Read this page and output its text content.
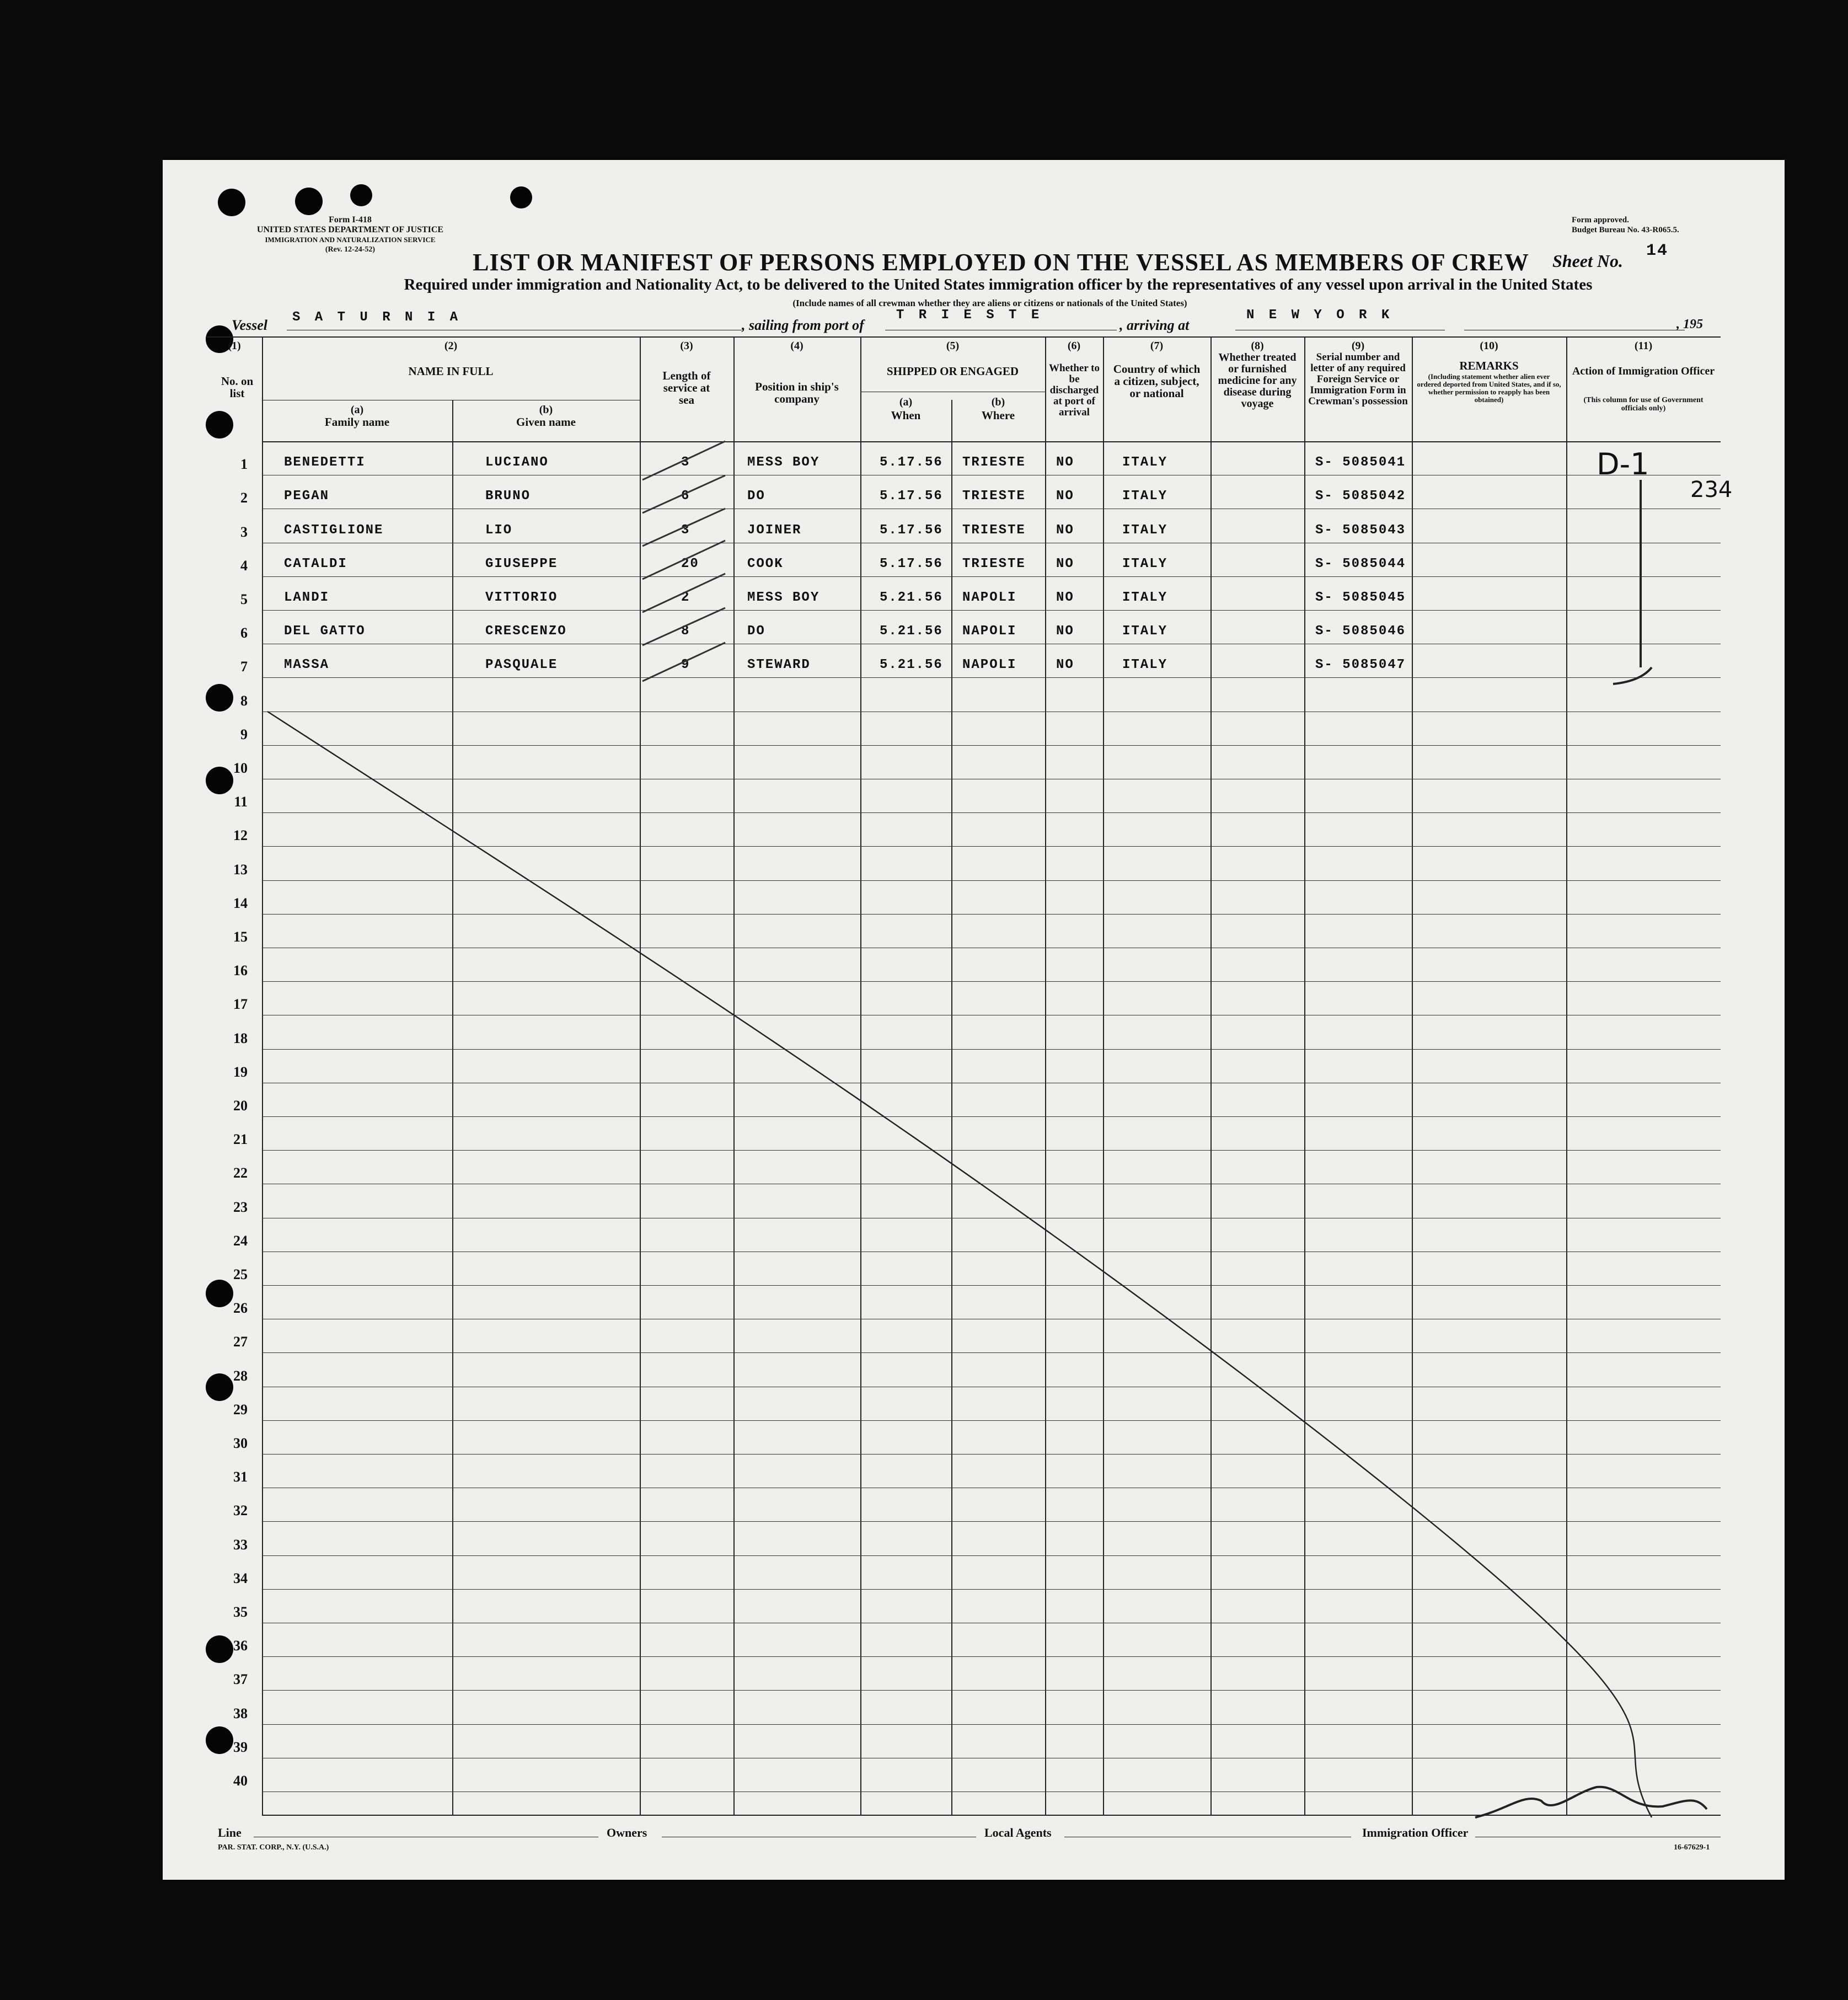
Form I-418
UNITED STATES DEPARTMENT OF JUSTICE
IMMIGRATION AND NATURALIZATION SERVICE
(Rev. 12-24-52)
Form approved.
Budget Bureau No. 43-R065.5.
LIST OR MANIFEST OF PERSONS EMPLOYED ON THE VESSEL AS MEMBERS OF CREW	Sheet No. 14
Required under immigration and Nationality Act, to be delivered to the United States immigration officer by the representatives of any vessel upon arrival in the United States
(Include names of all crewman whether they are aliens or citizens or nationals of the United States)
Vessel S A T U R N I A	, sailing from port of
T R I E S T E
, arriving at
N E W Y O R K
, 195
(1)
No. on list
(2)
NAME IN FULL
(a)
Family name
(b)
Given name
(3)
Length of service at sea
(4)
Position in ship's company
(5)
SHIPPED OR ENGAGED
(a)
When
(b)
Where
(6)
Whether to be discharged at port of arrival
(7)
Country of which a citizen, subject, or national
(8)
Whether treated or furnished medicine for any disease during voyage
(9)
Serial number and letter of any required Foreign Service or Immigration Form in Crewman's possession
(10)
REMARKS
(Including statement whether alien ever ordered deported from United States, and if so, whether permission to reapply has been obtained)
(11)
Action of Immigration Officer
(This column for use of Government officials only)
1	BENEDETTI	LUCIANO	3	MESS BOY	5.17.56 TRIESTE NO	ITALY	S- 5085041
2	PEGAN	BRUNO	6	DO	5.17.56 TRIESTE NO	ITALY	S- 5085042
3	CASTIGLIONE	LIO	3	JOINER	5.17.56 TRIESTE NO	ITALY	S- 5085043
4	CATALDI	GIUSEPPE	20	COOK	5.17.56 TRIESTE NO	ITALY	S- 5085044
5	LANDI	VITTORIO	2	MESS BOY	5.21.56 NAPOLI	NO	ITALY	S- 5085045
6	DEL GATTO	CRESCENZO	8	DO	5.21.56 NAPOLI	NO	ITALY	S- 5085046
7	MASSA	PASQUALE	9	STEWARD	5.21.56 NAPOLI	NO	ITALY	S- 5085047
8
9
10
11
12
13
14
15
16
17
18
19
20
21
22
23
24
25
26
27
28
29
30
31
32
33
34
35
36
37
38
39
40
D-1
234
Line	Owners	Local Agents	Immigration Officer
PAR. STAT. CORP., N.Y. (U.S.A.)	16-67629-1
